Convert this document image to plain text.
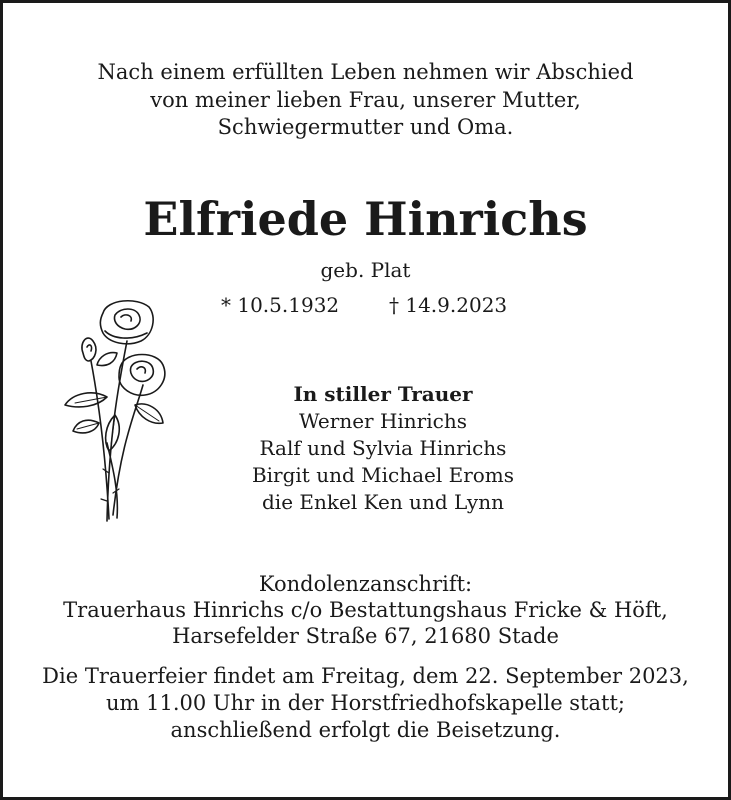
Nach einem erfüllten Leben nehmen wir Abschied
von meiner lieben Frau, unserer Mutter,
Schwiegermutter und Oma.
Elfriede Hinrichs
geb. Plat
* 10.5.1932 † 14.9.2023
In stiller Trauer
Werner Hinrichs
Ralf und Sylvia Hinrichs
Birgit und Michael Eroms
die Enkel Ken und Lynn
Kondolenzanschrift:
Trauerhaus Hinrichs c/o Bestattungshaus Fricke & Höft,
Harsefelder Straße 67, 21680 Stade
Die Trauerfeier findet am Freitag, dem 22. September 2023,
um 11.00 Uhr in der Horstfriedhofskapelle statt;
anschließend erfolgt die Beisetzung.
